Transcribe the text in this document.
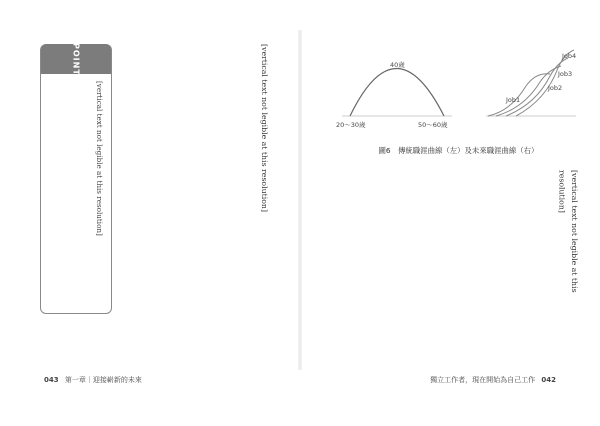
POINT
[vertical text not legible at this resolution]	[vertical text not legible at this resolution]
043 第一章｜迎接嶄新的未來
40歲
20～30歲	50～60歲
Job1
Job2
Job3
Job4
圖6　傳統職涯曲線（左）及未來職涯曲線（右）
[vertical text not legible at this resolution]
獨立工作者，現在開始為自己工作 042
